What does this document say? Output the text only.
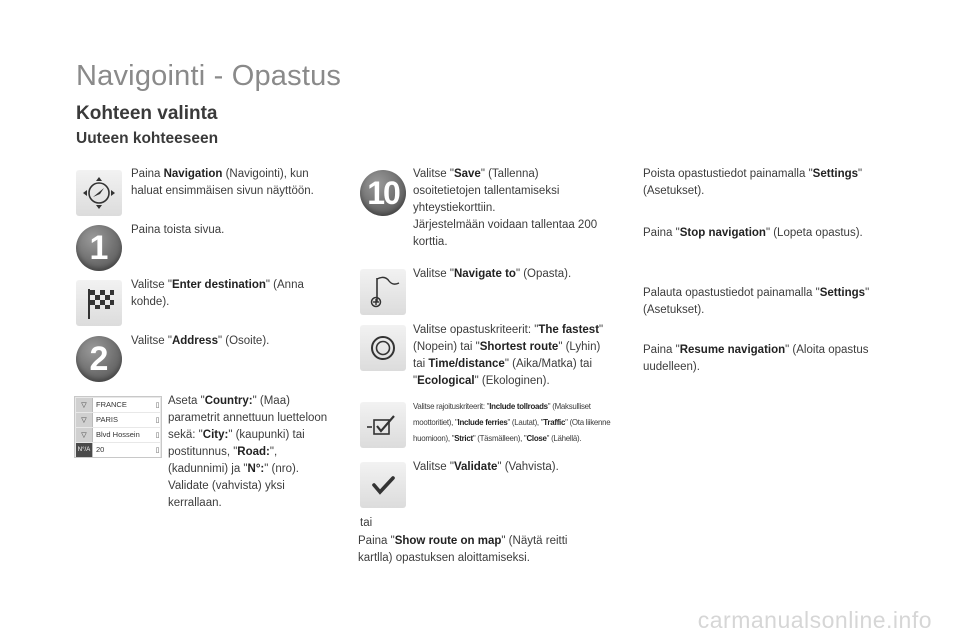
Navigointi - Opastus
Kohteen valinta
Uuteen kohteeseen
Paina Navigation (Navigointi), kun haluat ensimmäisen sivun näyttöön.
1	Paina toista sivua.
Valitse "Enter destination" (Anna kohde).
2	Valitse "Address" (Osoite).
▽	FRANCE	▯
▽	PARIS	▯
▽	Blvd Hossein	▯
N°/A 20	▯
Aseta "Country:" (Maa) parametrit annettuun luetteloon sekä: "City:" (kaupunki) tai postitunnus, "Road:", (kadunnimi) ja "N°:" (nro).
Validate (vahvista) yksi kerrallaan.
10
Valitse "Save" (Tallenna) osoitetietojen tallentamiseksi yhteystiekorttiin.
Järjestelmään voidaan tallentaa 200 korttia.
Valitse "Navigate to" (Opasta).
Valitse opastuskriteerit: "The fastest" (Nopein) tai "Shortest route" (Lyhin) tai Time/distance" (Aika/Matka) tai "Ecological" (Ekologinen).
Valitse rajoituskriteerit: "Include tollroads" (Maksulliset moottoritiet), "Include ferries" (Lautat), "Traffic" (Ota liikenne huomioon), "Strict" (Täsmälleen), "Close" (Lähellä).
Valitse "Validate" (Vahvista).
tai
Paina "Show route on map" (Näytä reitti kartlla) opastuksen aloittamiseksi.
Poista opastustiedot painamalla "Settings" (Asetukset).
Paina "Stop navigation" (Lopeta opastus).
Palauta opastustiedot painamalla "Settings" (Asetukset).
Paina "Resume navigation" (Aloita opastus uudelleen).
carmanualsonline.info
